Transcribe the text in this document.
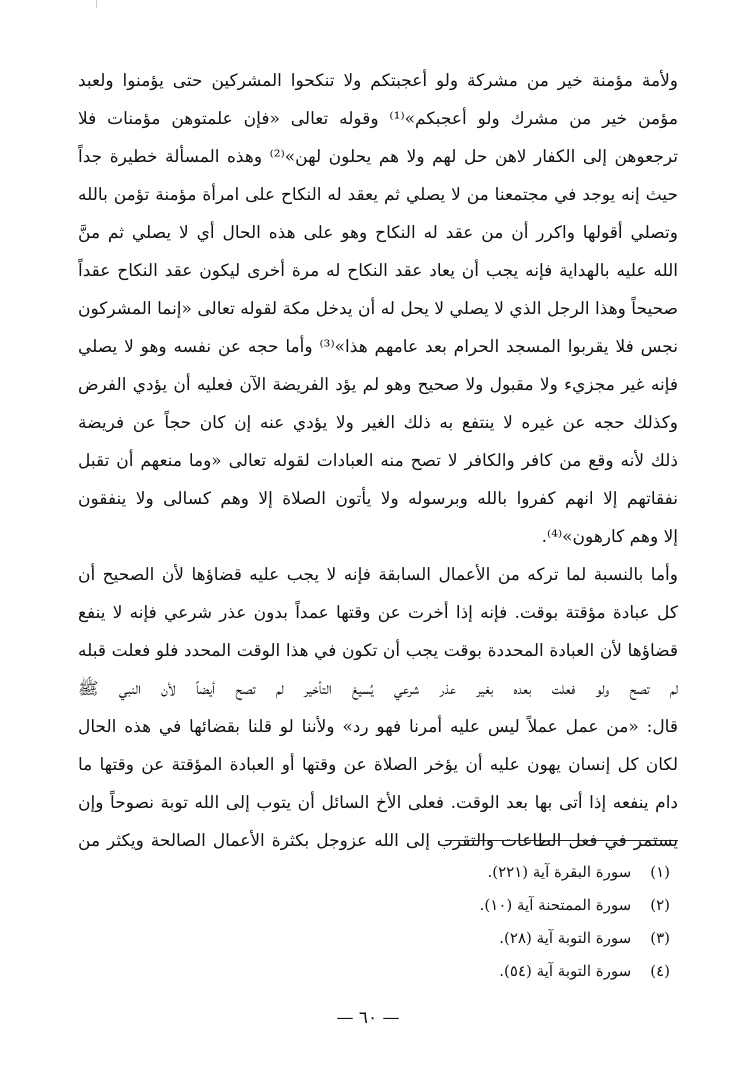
ولأمة مؤمنة خير من مشركة ولو أعجبتكم ولا تنكحوا المشركين حتى يؤمنوا ولعبد
مؤمن خير من مشرك ولو أعجبكم»⁽¹⁾ وقوله تعالى «فإن علمتوهن مؤمنات فلا
ترجعوهن إلى الكفار لاهن حل لهم ولا هم يحلون لهن»⁽²⁾ وهذه المسألة خطيرة جداً
حيث إنه يوجد في مجتمعنا من لا يصلي ثم يعقد له النكاح على امرأة مؤمنة تؤمن بالله
وتصلي أقولها واكرر أن من عقد له النكاح وهو على هذه الحال أي لا يصلي ثم منَّ
الله عليه بالهداية فإنه يجب أن يعاد عقد النكاح له مرة أخرى ليكون عقد النكاح عقداً
صحيحاً وهذا الرجل الذي لا يصلي لا يحل له أن يدخل مكة لقوله تعالى «إنما المشركون
نجس فلا يقربوا المسجد الحرام بعد عامهم هذا»⁽³⁾ وأما حجه عن نفسه وهو لا يصلي
فإنه غير مجزيء ولا مقبول ولا صحيح وهو لم يؤد الفريضة الآن فعليه أن يؤدي الفرض
وكذلك حجه عن غيره لا ينتفع به ذلك الغير ولا يؤدي عنه إن كان حجاً عن فريضة
ذلك لأنه وقع من كافر والكافر لا تصح منه العبادات لقوله تعالى «وما منعهم أن تقبل
نفقاتهم إلا انهم كفروا بالله وبرسوله ولا يأتون الصلاة إلا وهم كسالى ولا ينفقون
إلا وهم كارهون»⁽⁴⁾.
وأما بالنسبة لما تركه من الأعمال السابقة فإنه لا يجب عليه قضاؤها لأن الصحيح أن
كل عبادة مؤقتة بوقت. فإنه إذا أخرت عن وقتها عمداً بدون عذر شرعي فإنه لا ينفع
قضاؤها لأن العبادة المحددة بوقت يجب أن تكون في هذا الوقت المحدد فلو فعلت قبله
لم تصح ولو فعلت بعده بغير عذر شرعي يُسيغ التأخير لم تصح أيضاً لأن النبي ﷺ
قال: «من عمل عملاً ليس عليه أمرنا فهو رد» ولأننا لو قلنا بقضائها في هذه الحال
لكان كل إنسان يهون عليه أن يؤخر الصلاة عن وقتها أو العبادة المؤقتة عن وقتها ما
دام ينفعه إذا أتى بها بعد الوقت. فعلى الأخ السائل أن يتوب إلى الله توبة نصوحاً وإن
يستمر في فعل الطاعات والتقرب إلى الله عزوجل بكثرة الأعمال الصالحة ويكثر من
(١) سورة البقرة آية (٢٢١).
(٢) سورة الممتحنة آية (١٠).
(٣) سورة التوبة آية (٢٨).
(٤) سورة التوبة آية (٥٤).
— ٦٠ —
